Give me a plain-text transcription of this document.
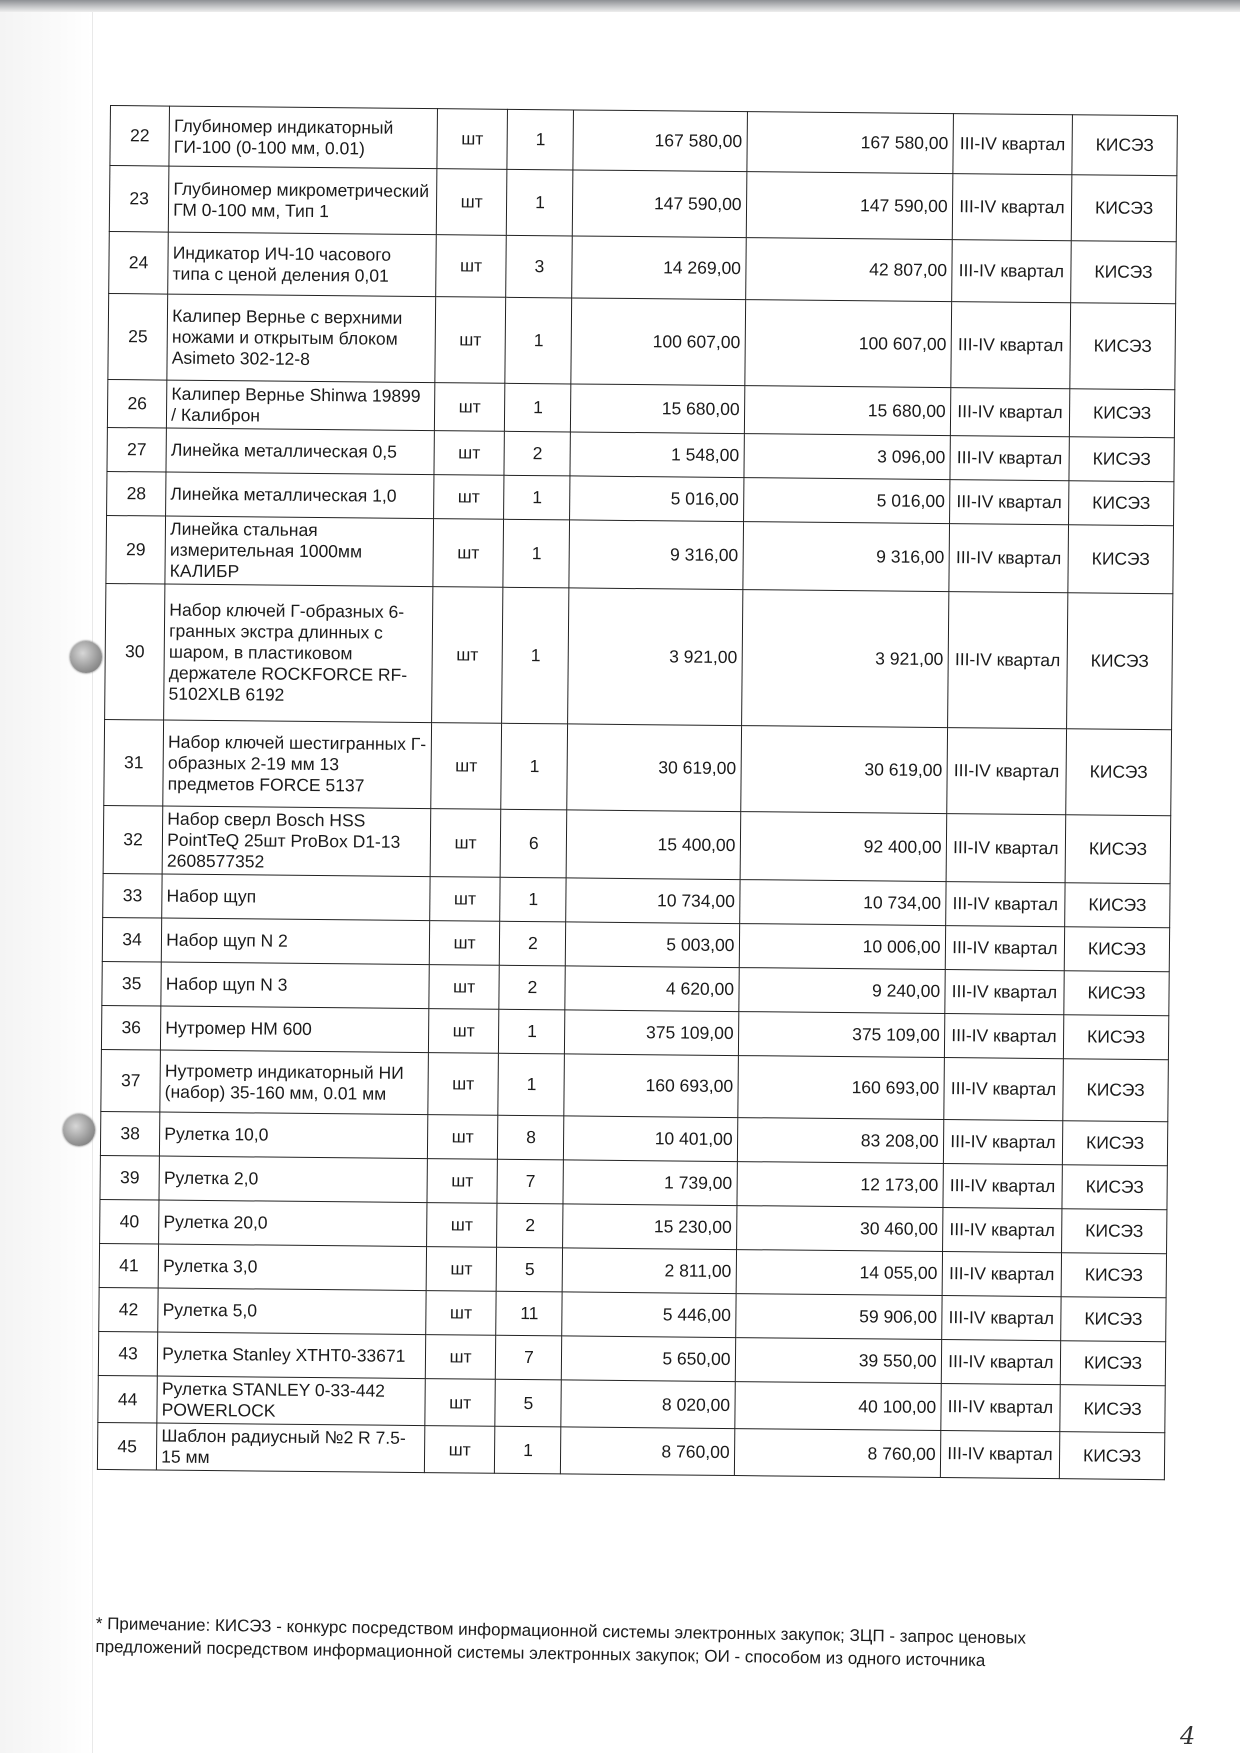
22	Глубиномер индикаторный ГИ-100 (0-100 мм, 0.01)	шт	1	167 580,00	167 580,00	III-IV квартал	КИСЭЗ
23	Глубиномер микрометрический ГМ 0-100 мм, Тип 1	шт	1	147 590,00	147 590,00	III-IV квартал	КИСЭЗ
24	Индикатор ИЧ-10 часового типа с ценой деления 0,01	шт	3	14 269,00	42 807,00	III-IV квартал	КИСЭЗ
25	Калипер Верньe с верхними ножами и открытым блоком Asimeto 302-12-8	шт	1	100 607,00	100 607,00	III-IV квартал	КИСЭЗ
26	Калипер Верньe Shinwa 19899 / Калиброн	шт	1	15 680,00	15 680,00	III-IV квартал	КИСЭЗ
27	Линейка металлическая 0,5	шт	2	1 548,00	3 096,00	III-IV квартал	КИСЭЗ
28	Линейка металлическая 1,0	шт	1	5 016,00	5 016,00	III-IV квартал	КИСЭЗ
29	Линейка стальная измерительная 1000мм КАЛИБР	шт	1	9 316,00	9 316,00	III-IV квартал	КИСЭЗ
30	Набор ключей Г-образных 6-гранных экстра длинных с шаром, в пластиковом держателе ROCKFORCE RF-5102XLB 6192	шт	1	3 921,00	3 921,00	III-IV квартал	КИСЭЗ
31	Набор ключей шестигранных Г-образных 2-19 мм 13 предметов FORCE 5137	шт	1	30 619,00	30 619,00	III-IV квартал	КИСЭЗ
32	Набор сверл Bosch HSS PointTeQ 25шт ProBox D1-13 2608577352	шт	6	15 400,00	92 400,00	III-IV квартал	КИСЭЗ
33	Набор щуп	шт	1	10 734,00	10 734,00	III-IV квартал	КИСЭЗ
34	Набор щуп N 2	шт	2	5 003,00	10 006,00	III-IV квартал	КИСЭЗ
35	Набор щуп N 3	шт	2	4 620,00	9 240,00	III-IV квартал	КИСЭЗ
36	Нутромер НМ 600	шт	1	375 109,00	375 109,00	III-IV квартал	КИСЭЗ
37	Нутрометр индикаторный НИ (набор) 35-160 мм, 0.01 мм	шт	1	160 693,00	160 693,00	III-IV квартал	КИСЭЗ
38	Рулетка 10,0	шт	8	10 401,00	83 208,00	III-IV квартал	КИСЭЗ
39	Рулетка 2,0	шт	7	1 739,00	12 173,00	III-IV квартал	КИСЭЗ
40	Рулетка 20,0	шт	2	15 230,00	30 460,00	III-IV квартал	КИСЭЗ
41	Рулетка 3,0	шт	5	2 811,00	14 055,00	III-IV квартал	КИСЭЗ
42	Рулетка 5,0	шт	11	5 446,00	59 906,00	III-IV квартал	КИСЭЗ
43	Рулетка Stanley XTHT0-33671	шт	7	5 650,00	39 550,00	III-IV квартал	КИСЭЗ
44	Рулетка STANLEY 0-33-442 POWERLOCK	шт	5	8 020,00	40 100,00	III-IV квартал	КИСЭЗ
45	Шаблон радиусный №2 R 7.5-15 мм	шт	1	8 760,00	8 760,00	III-IV квартал	КИСЭЗ
* Примечание: КИСЭЗ - конкурс посредством информационной системы электронных закупок; ЗЦП - запрос ценовых предложений посредством информационной системы электронных закупок; ОИ - способом из одного источника
4
